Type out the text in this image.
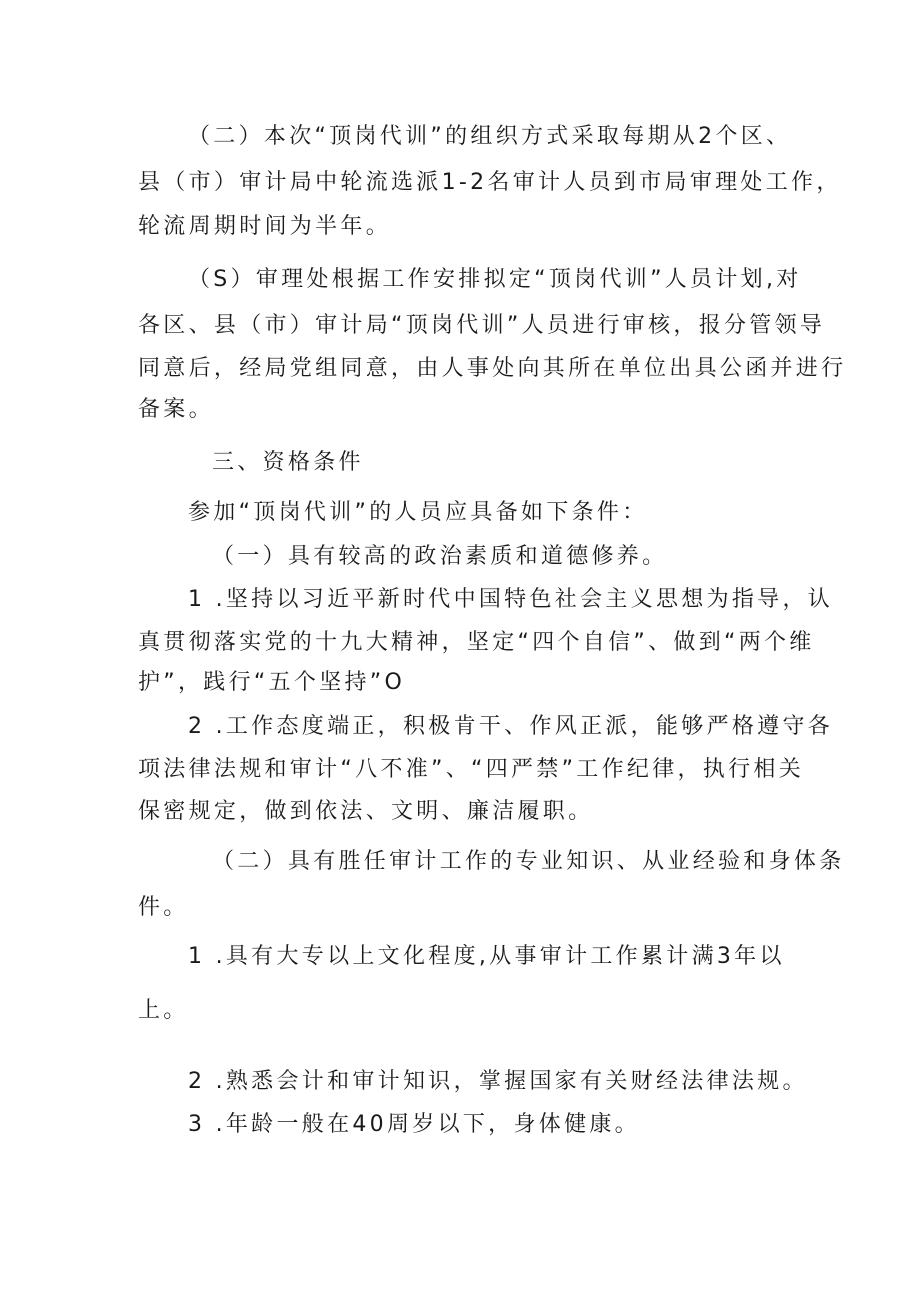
（二）本次“顶岗代训”的组织方式采取每期从2个区、
县（市）审计局中轮流选派1-2名审计人员到市局审理处工作，
轮流周期时间为半年。
（S）审理处根据工作安排拟定“顶岗代训”人员计划,对
各区、县（市）审计局“顶岗代训”人员进行审核，报分管领导
同意后，经局党组同意，由人事处向其所在单位出具公函并进行
备案。
三、资格条件
参加“顶岗代训”的人员应具备如下条件：
（一）具有较高的政治素质和道德修养。
1 .坚持以习近平新时代中国特色社会主义思想为指导，认
真贯彻落实党的十九大精神，坚定“四个自信”、做到“两个维
护”，践行“五个坚持”O
2 .工作态度端正，积极肯干、作风正派，能够严格遵守各
项法律法规和审计“八不准”、“四严禁”工作纪律，执行相关
保密规定，做到依法、文明、廉洁履职。
（二）具有胜任审计工作的专业知识、从业经验和身体条
件。
1 .具有大专以上文化程度,从事审计工作累计满3年以
上。
2 .熟悉会计和审计知识，掌握国家有关财经法律法规。
3 .年龄一般在40周岁以下，身体健康。
